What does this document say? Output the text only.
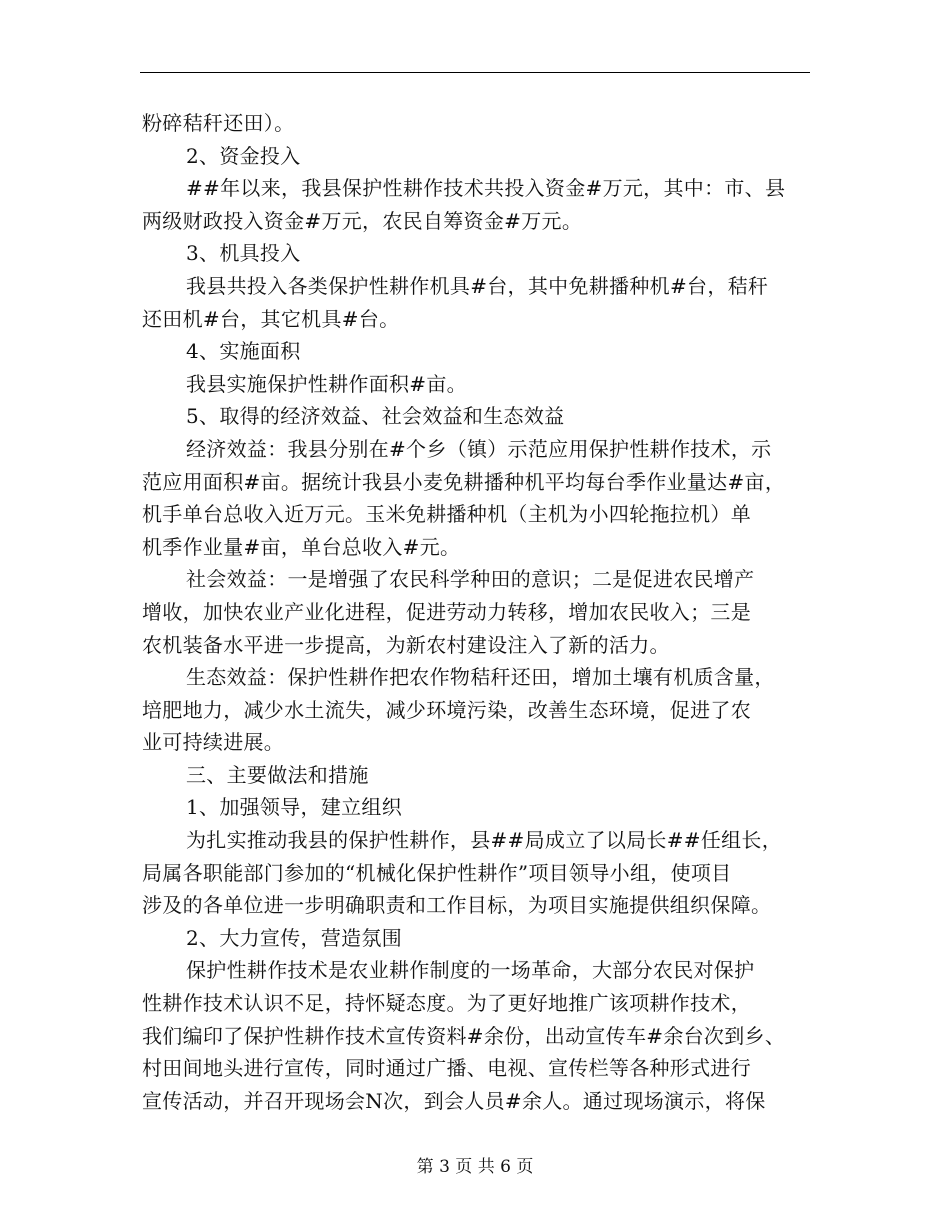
粉碎秸秆还田）。
2、资金投入
##年以来，我县保护性耕作技术共投入资金#万元，其中：市、县
两级财政投入资金#万元，农民自筹资金#万元。
3、机具投入
我县共投入各类保护性耕作机具#台，其中免耕播种机#台，秸秆
还田机#台，其它机具#台。
4、实施面积
我县实施保护性耕作面积#亩。
5、取得的经济效益、社会效益和生态效益
经济效益：我县分别在#个乡（镇）示范应用保护性耕作技术，示
范应用面积#亩。据统计我县小麦免耕播种机平均每台季作业量达#亩，
机手单台总收入近万元。玉米免耕播种机（主机为小四轮拖拉机）单
机季作业量#亩，单台总收入#元。
社会效益：一是增强了农民科学种田的意识；二是促进农民增产
增收，加快农业产业化进程，促进劳动力转移，增加农民收入；三是
农机装备水平进一步提高，为新农村建设注入了新的活力。
生态效益：保护性耕作把农作物秸秆还田，增加土壤有机质含量，
培肥地力，减少水土流失，减少环境污染，改善生态环境，促进了农
业可持续进展。
三、主要做法和措施
1、加强领导，建立组织
为扎实推动我县的保护性耕作，县##局成立了以局长##任组长，
局属各职能部门参加的“机械化保护性耕作”项目领导小组，使项目
涉及的各单位进一步明确职责和工作目标，为项目实施提供组织保障。
2、大力宣传，营造氛围
保护性耕作技术是农业耕作制度的一场革命，大部分农民对保护
性耕作技术认识不足，持怀疑态度。为了更好地推广该项耕作技术，
我们编印了保护性耕作技术宣传资料#余份，出动宣传车#余台次到乡、
村田间地头进行宣传，同时通过广播、电视、宣传栏等各种形式进行
宣传活动，并召开现场会N次，到会人员#余人。通过现场演示，将保
第 3 页 共 6 页
